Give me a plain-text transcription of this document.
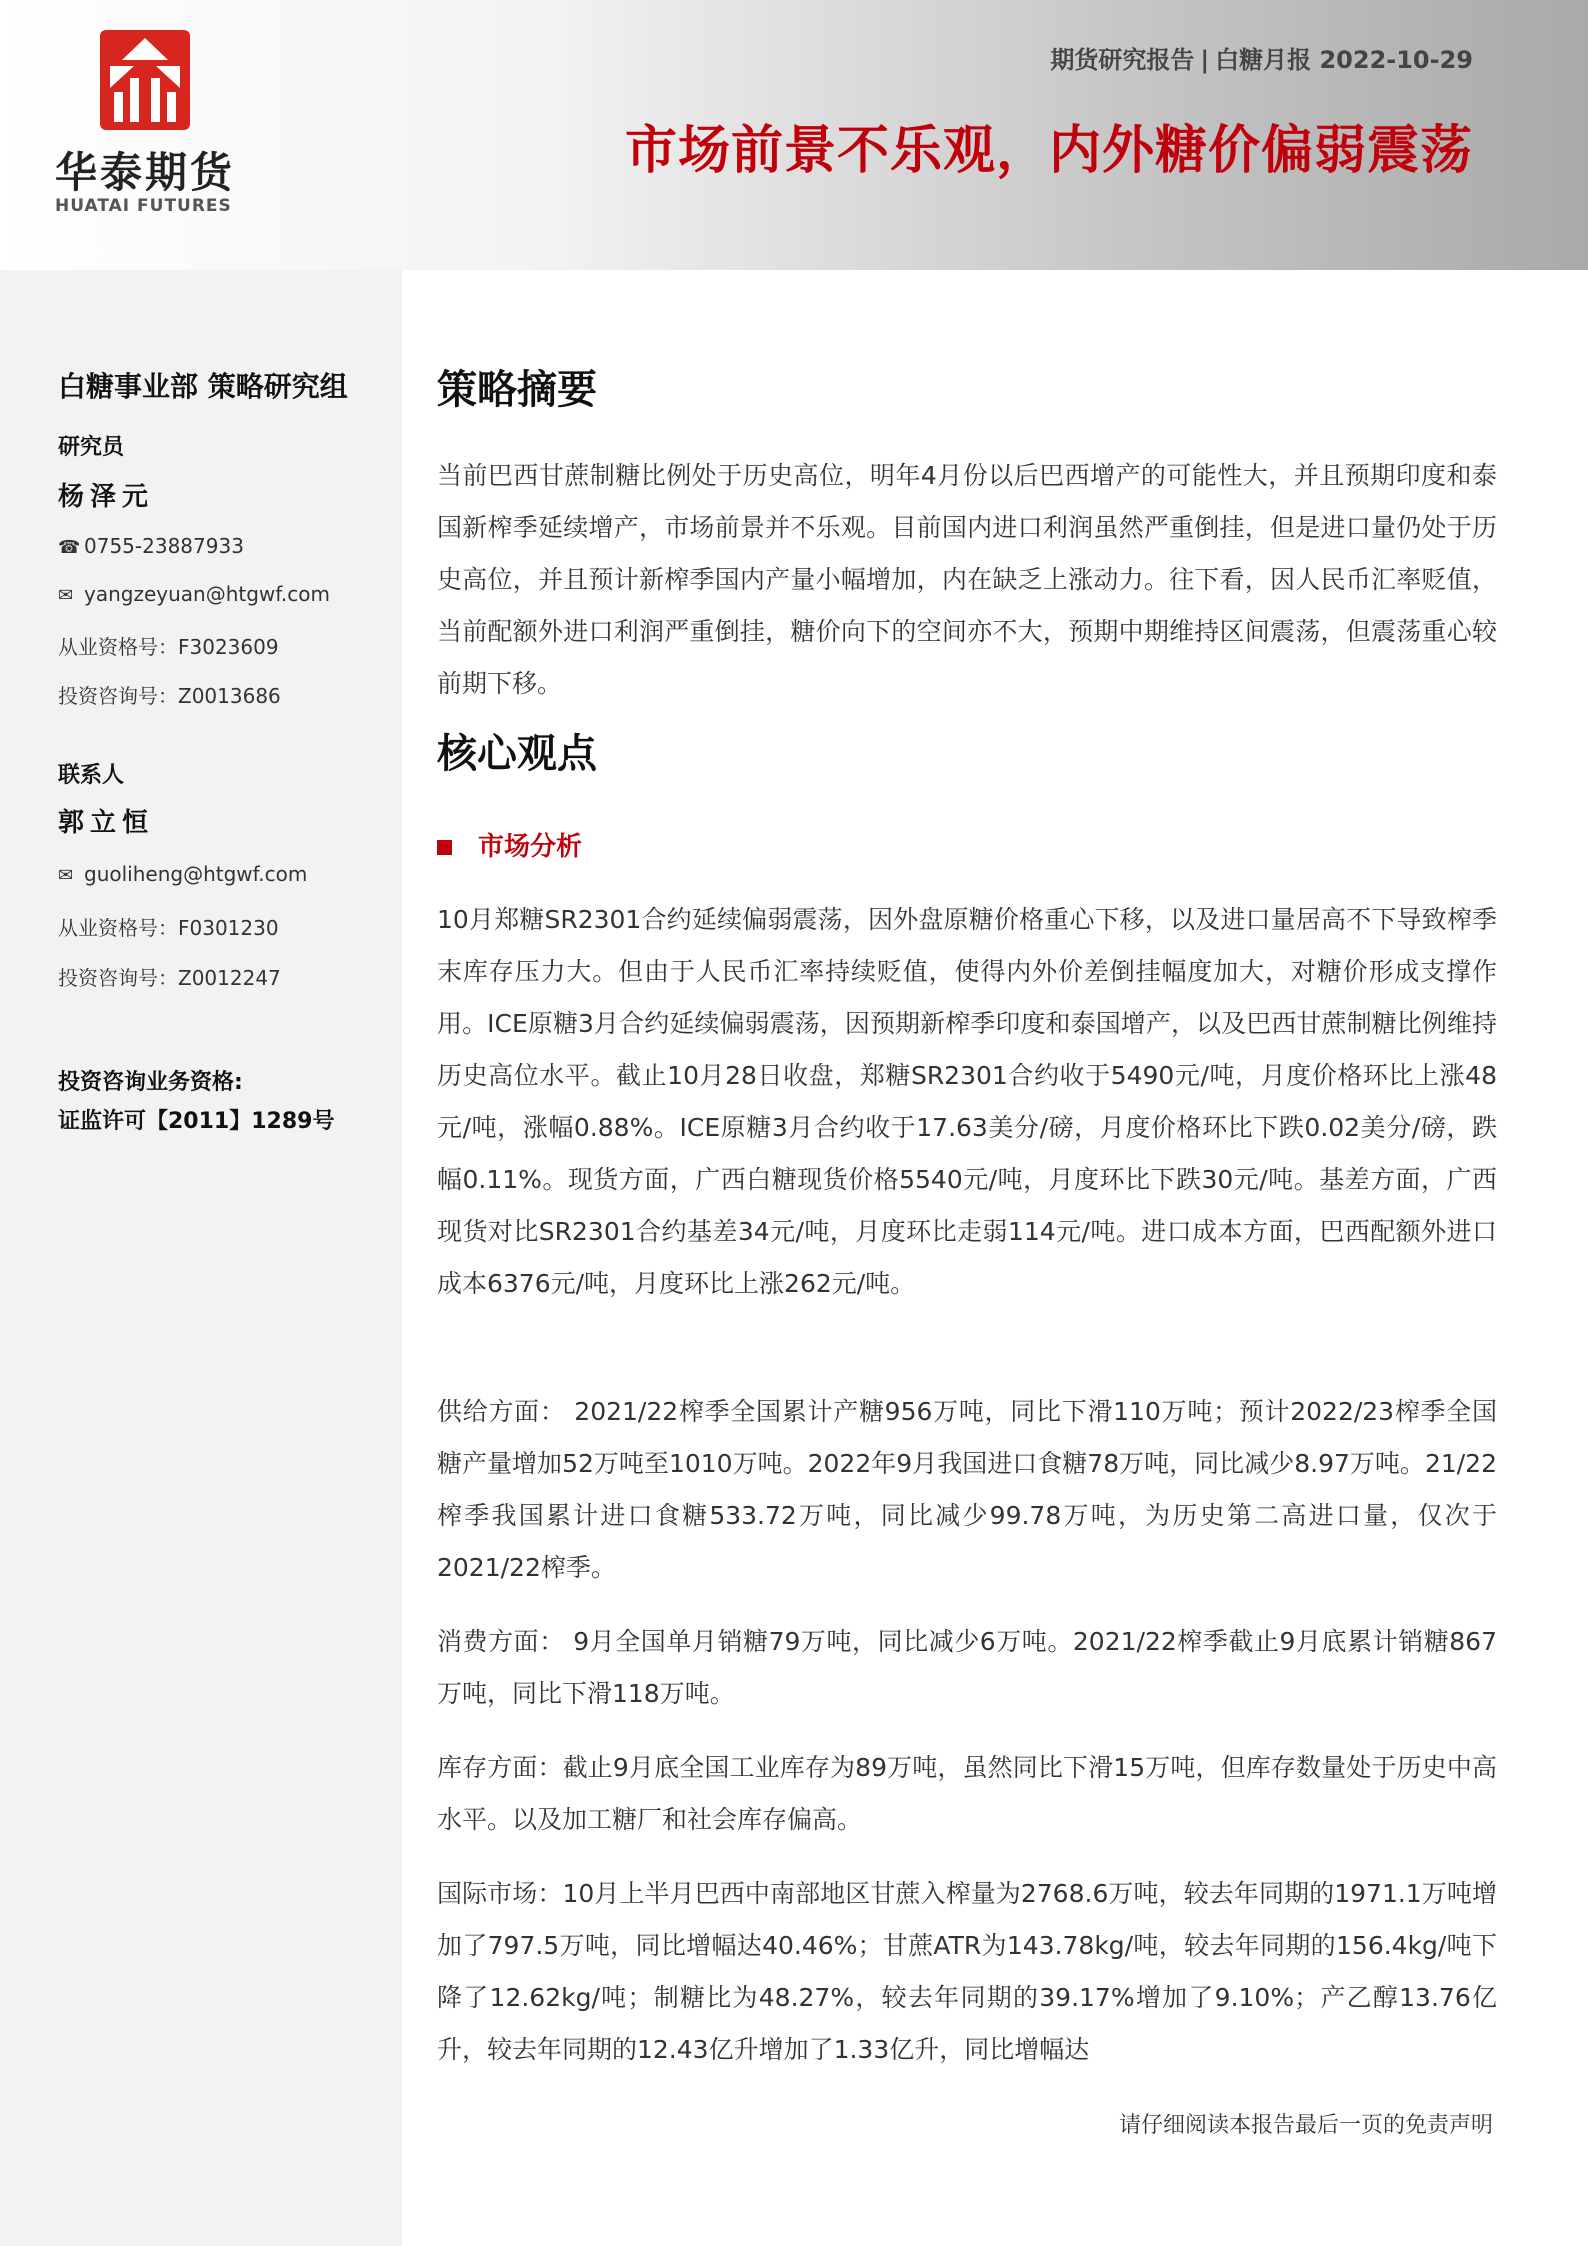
华泰期货
HUATAI FUTURES
期货研究报告 | 白糖月报 2022-10-29
市场前景不乐观，内外糖价偏弱震荡
白糖事业部 策略研究组
研究员
杨泽元
☎ 0755-23887933
✉ yangzeyuan@htgwf.com
从业资格号：F3023609
投资咨询号：Z0013686
联系人
郭立恒
✉ guoliheng@htgwf.com
从业资格号：F0301230
投资咨询号：Z0012247
投资咨询业务资格:
证监许可【2011】1289号
策略摘要
当前巴西甘蔗制糖比例处于历史高位，明年4月份以后巴西增产的可能性大，并且预期印度和泰国新榨季延续增产，市场前景并不乐观。目前国内进口利润虽然严重倒挂，但是进口量仍处于历史高位，并且预计新榨季国内产量小幅增加，内在缺乏上涨动力。往下看，因人民币汇率贬值，当前配额外进口利润严重倒挂，糖价向下的空间亦不大，预期中期维持区间震荡，但震荡重心较前期下移。
核心观点
市场分析
10月郑糖SR2301合约延续偏弱震荡，因外盘原糖价格重心下移，以及进口量居高不下导致榨季末库存压力大。但由于人民币汇率持续贬值，使得内外价差倒挂幅度加大，对糖价形成支撑作用。ICE原糖3月合约延续偏弱震荡，因预期新榨季印度和泰国增产，以及巴西甘蔗制糖比例维持历史高位水平。截止10月28日收盘，郑糖SR2301合约收于5490元/吨，月度价格环比上涨48元/吨，涨幅0.88%。ICE原糖3月合约收于17.63美分/磅，月度价格环比下跌0.02美分/磅，跌幅0.11%。现货方面，广西白糖现货价格5540元/吨，月度环比下跌30元/吨。基差方面，广西现货对比SR2301合约基差34元/吨，月度环比走弱114元/吨。进口成本方面，巴西配额外进口成本6376元/吨，月度环比上涨262元/吨。
供给方面： 2021/22榨季全国累计产糖956万吨，同比下滑110万吨；预计2022/23榨季全国糖产量增加52万吨至1010万吨。2022年9月我国进口食糖78万吨，同比减少8.97万吨。21/22榨季我国累计进口食糖533.72万吨，同比减少99.78万吨，为历史第二高进口量，仅次于2021/22榨季。
消费方面： 9月全国单月销糖79万吨，同比减少6万吨。2021/22榨季截止9月底累计销糖867万吨，同比下滑118万吨。
库存方面：截止9月底全国工业库存为89万吨，虽然同比下滑15万吨，但库存数量处于历史中高水平。以及加工糖厂和社会库存偏高。
国际市场：10月上半月巴西中南部地区甘蔗入榨量为2768.6万吨，较去年同期的1971.1万吨增加了797.5万吨，同比增幅达40.46%；甘蔗ATR为143.78kg/吨，较去年同期的156.4kg/吨下降了12.62kg/吨；制糖比为48.27%，较去年同期的39.17%增加了9.10%；产乙醇13.76亿升，较去年同期的12.43亿升增加了1.33亿升，同比增幅达
请仔细阅读本报告最后一页的免责声明
